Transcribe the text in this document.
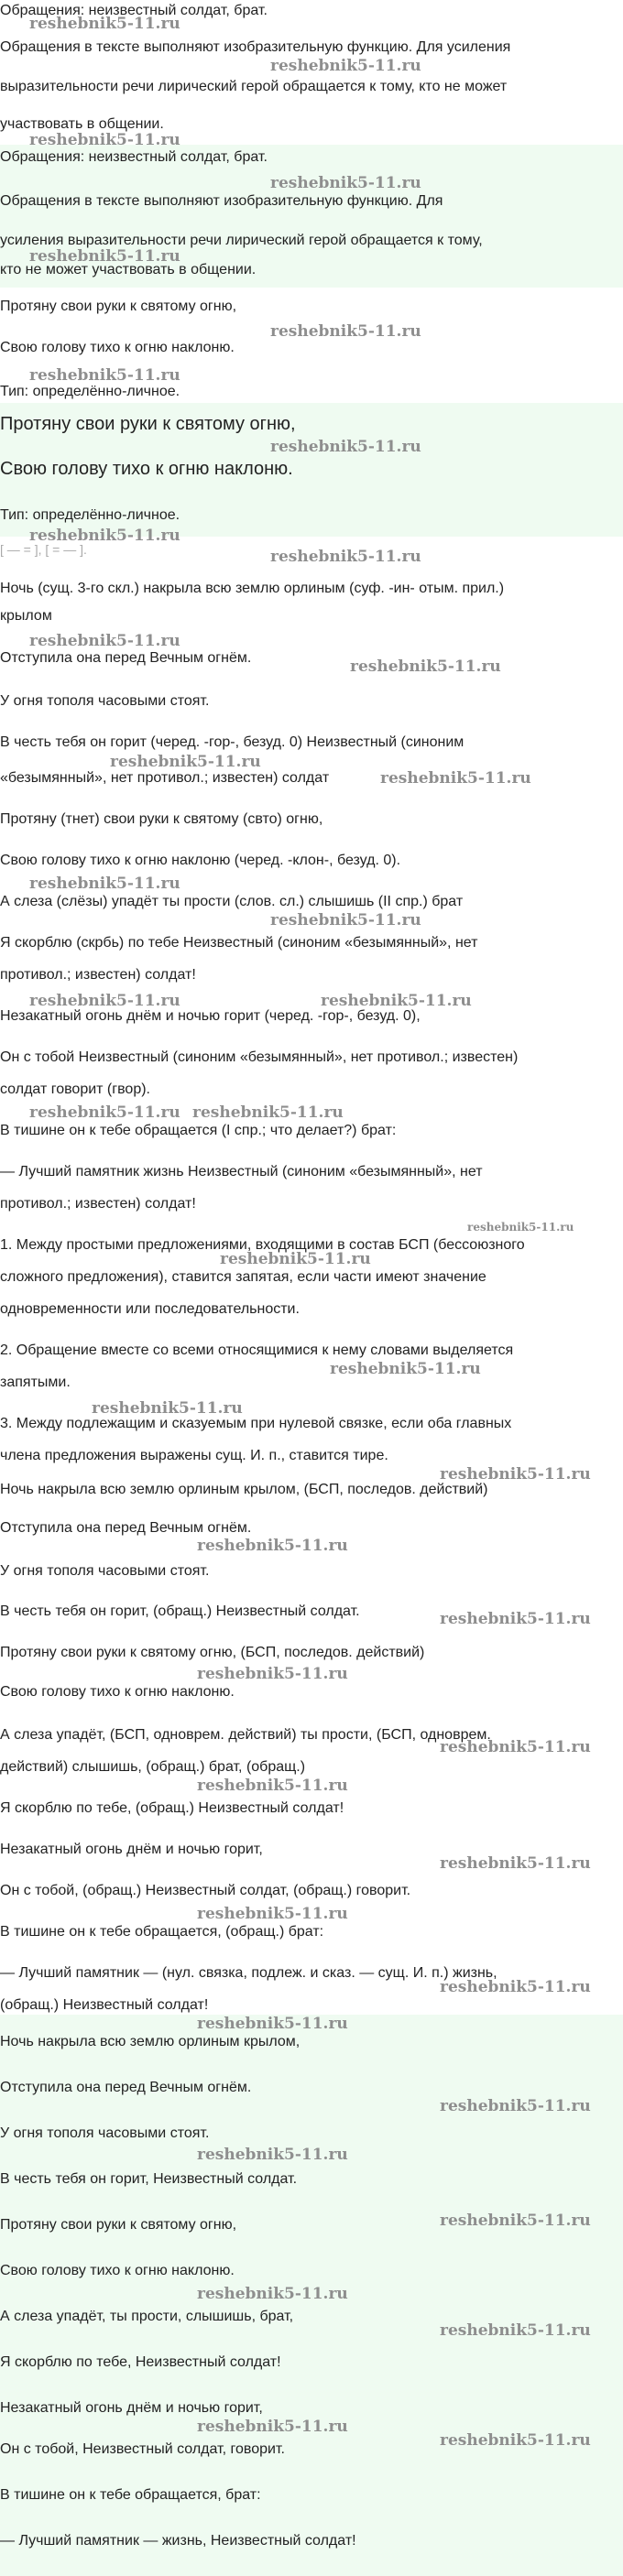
Обращения: неизвестный солдат, брат.
Обращения в тексте выполняют изобразительную функцию. Для усиления
выразительности речи лирический герой обращается к тому, кто не может
участвовать в общении.
Обращения: неизвестный солдат, брат.
Обращения в тексте выполняют изобразительную функцию. Для
усиления выразительности речи лирический герой обращается к тому,
кто не может участвовать в общении.
Протяну свои руки к святому огню,
Свою голову тихо к огню наклоню.
Тип: определённо-личное.
Протяну свои руки к святому огню,
Свою голову тихо к огню наклоню.
Тип: определённо-личное.
[ — = ], [ = — ].
Ночь (сущ. 3-го скл.) накрыла всю землю орлиным (суф. -ин- отым. прил.)
крылом
Отступила она перед Вечным огнём.
У огня тополя часовыми стоят.
В честь тебя он горит (черед. -гор-, безуд. 0) Неизвестный (синоним
«безымянный», нет противол.; известен) солдат
Протяну (тнет) свои руки к святому (свто) огню,
Свою голову тихо к огню наклоню (черед. -клон-, безуд. 0).
А слеза (слёзы) упадёт ты прости (слов. сл.) слышишь (II спр.) брат
Я скорблю (скрбь) по тебе Неизвестный (синоним «безымянный», нет
противол.; известен) солдат!
Незакатный огонь днём и ночью горит (черед. -гор-, безуд. 0),
Он с тобой Неизвестный (синоним «безымянный», нет противол.; известен)
солдат говорит (гвор).
В тишине он к тебе обращается (I спр.; что делает?) брат:
— Лучший памятник жизнь Неизвестный (синоним «безымянный», нет
противол.; известен) солдат!
1. Между простыми предложениями, входящими в состав БСП (бессоюзного
сложного предложения), ставится запятая, если части имеют значение
одновременности или последовательности.
2. Обращение вместе со всеми относящимися к нему словами выделяется
запятыми.
3. Между подлежащим и сказуемым при нулевой связке, если оба главных
члена предложения выражены сущ. И. п., ставится тире.
Ночь накрыла всю землю орлиным крылом, (БСП, последов. действий)
Отступила она перед Вечным огнём.
У огня тополя часовыми стоят.
В честь тебя он горит, (обращ.) Неизвестный солдат.
Протяну свои руки к святому огню, (БСП, последов. действий)
Свою голову тихо к огню наклоню.
А слеза упадёт, (БСП, одноврем. действий) ты прости, (БСП, одноврем.
действий) слышишь, (обращ.) брат, (обращ.)
Я скорблю по тебе, (обращ.) Неизвестный солдат!
Незакатный огонь днём и ночью горит,
Он с тобой, (обращ.) Неизвестный солдат, (обращ.) говорит.
В тишине он к тебе обращается, (обращ.) брат:
— Лучший памятник — (нул. связка, подлеж. и сказ. — сущ. И. п.) жизнь,
(обращ.) Неизвестный солдат!
Ночь накрыла всю землю орлиным крылом,
Отступила она перед Вечным огнём.
У огня тополя часовыми стоят.
В честь тебя он горит, Неизвестный солдат.
Протяну свои руки к святому огню,
Свою голову тихо к огню наклоню.
А слеза упадёт, ты прости, слышишь, брат,
Я скорблю по тебе, Неизвестный солдат!
Незакатный огонь днём и ночью горит,
Он с тобой, Неизвестный солдат, говорит.
В тишине он к тебе обращается, брат:
— Лучший памятник — жизнь, Неизвестный солдат!
reshebnik5-11.ru
reshebnik5-11.ru
reshebnik5-11.ru
reshebnik5-11.ru
reshebnik5-11.ru
reshebnik5-11.ru
reshebnik5-11.ru
reshebnik5-11.ru
reshebnik5-11.ru
reshebnik5-11.ru
reshebnik5-11.ru
reshebnik5-11.ru
reshebnik5-11.ru
reshebnik5-11.ru
reshebnik5-11.ru
reshebnik5-11.ru
reshebnik5-11.ru	reshebnik5-11.ru
reshebnik5-11.ru reshebnik5-11.ru
reshebnik5-11.ru
reshebnik5-11.ru
reshebnik5-11.ru
reshebnik5-11.ru
reshebnik5-11.ru
reshebnik5-11.ru
reshebnik5-11.ru
reshebnik5-11.ru
reshebnik5-11.ru
reshebnik5-11.ru
reshebnik5-11.ru
reshebnik5-11.ru
reshebnik5-11.ru
reshebnik5-11.ru
reshebnik5-11.ru
reshebnik5-11.ru
reshebnik5-11.ru
reshebnik5-11.ru
reshebnik5-11.ru
reshebnik5-11.ru
reshebnik5-11.ru
